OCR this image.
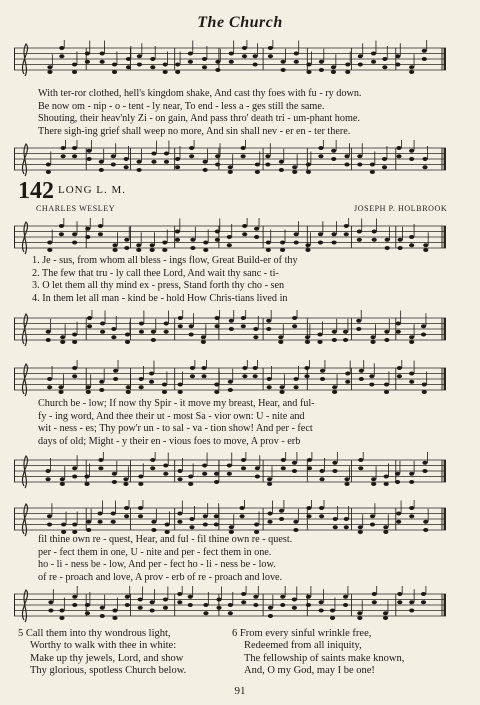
The Church
With ter-ror clothed, hell's kingdom shake, And cast thy foes with fu - ry down.
Be now om - nip - o - tent - ly near, To end - less a - ges still the same.
Shouting, their heav'nly Zi - on gain, And pass thro' death tri - um-phant home.
There sigh-ing grief shall weep no more, And sin shall nev - er en - ter there.
142 LONG L. M.
CHARLES WESLEY	JOSEPH P. HOLBROOK
1. Je - sus, from whom all bless - ings flow, Great Build-er of thy
2. The few that tru - ly call thee Lord, And wait thy sanc - ti-
3. O let them all thy mind ex - press, Stand forth thy cho - sen
4. In them let all man - kind be - hold How Chris-tians lived in
Church be - low; If now thy Spir - it move my breast, Hear, and ful-
fy - ing word, And thee their ut - most Sa - vior own: U - nite and
wit - ness - es; Thy pow'r un - to sal - va - tion show! And per - fect
days of old; Might - y their en - vious foes to move, A prov - erb
fil thine own re - quest, Hear, and ful - fil thine own re - quest.
per - fect them in one, U - nite and per - fect them in one.
ho - li - ness be - low, And per - fect ho - li - ness be - low.
of re - proach and love, A prov - erb of re - proach and love.
5 Call them into thy wondrous light,
Worthy to walk with thee in white:
Make up thy jewels, Lord, and show
Thy glorious, spotless Church below.
6 From every sinful wrinkle free,
Redeemed from all iniquity,
The fellowship of saints make known,
And, O my God, may I be one!
91
